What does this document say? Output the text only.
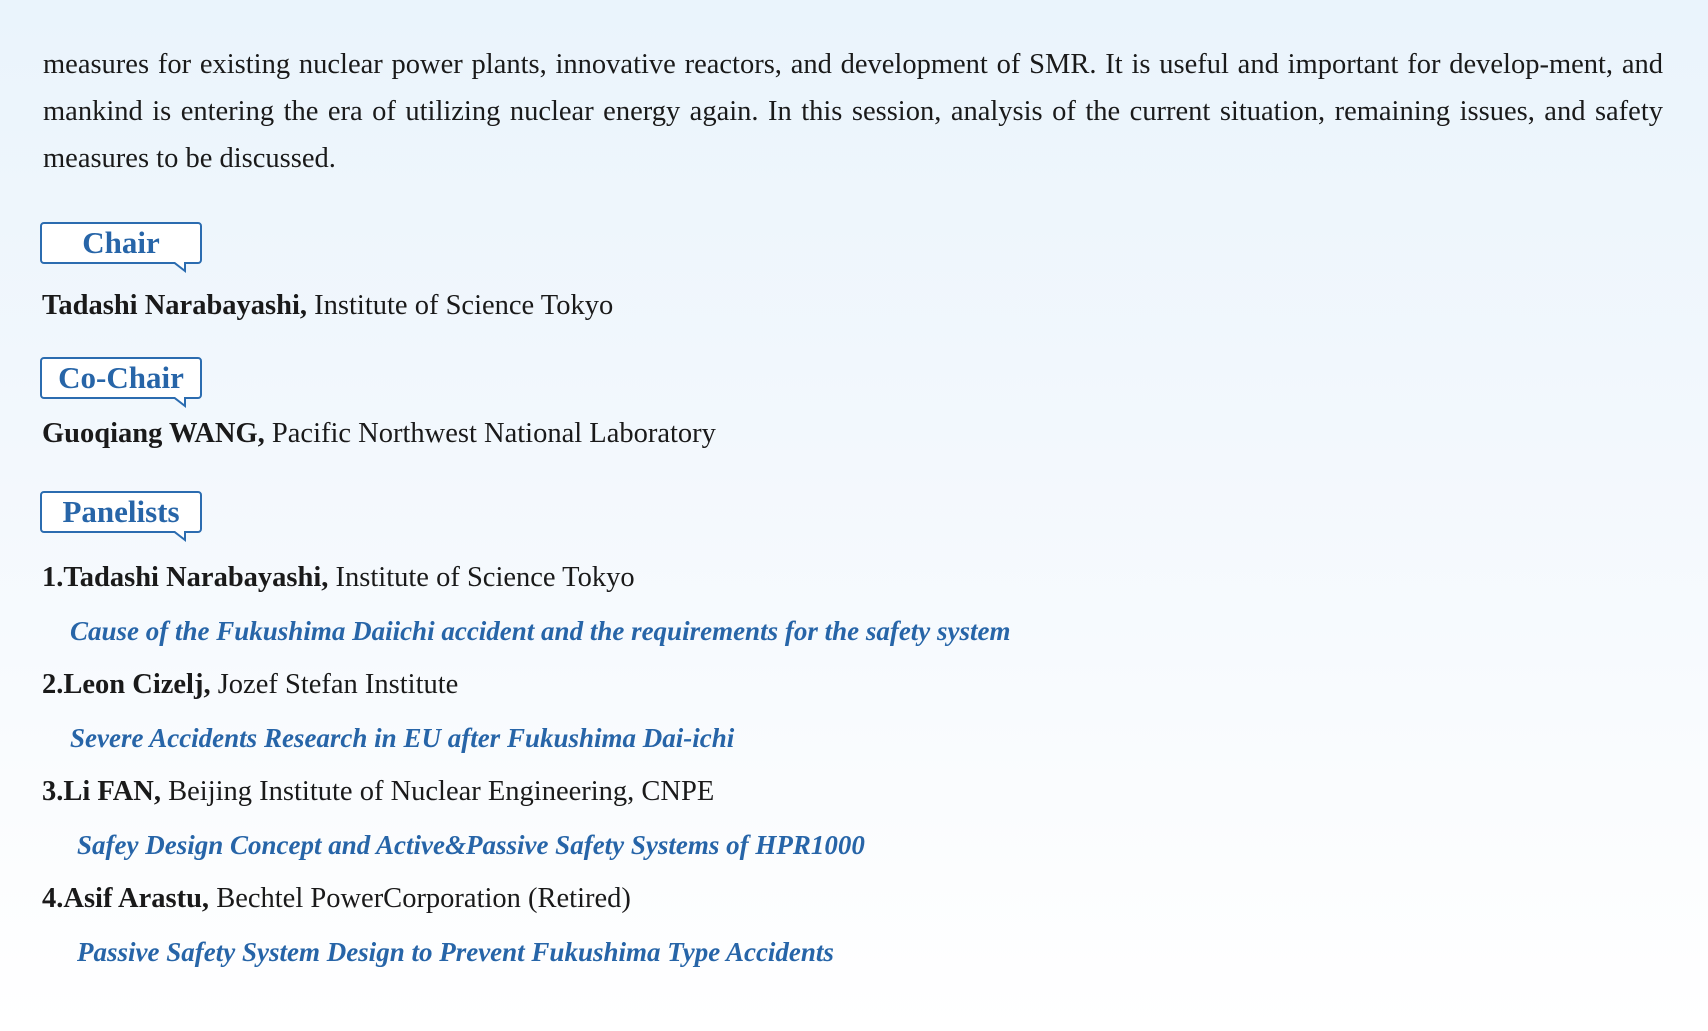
measures for existing nuclear power plants, innovative reactors, and development of SMR. It is useful and important for develop-ment, and mankind is entering the era of utilizing nuclear energy again. In this session, analysis of the current situation, remaining issues, and safety measures to be discussed.
Chair
Tadashi Narabayashi, Institute of Science Tokyo
Co-Chair
Guoqiang WANG, Pacific Northwest National Laboratory
Panelists
1.Tadashi Narabayashi, Institute of Science Tokyo
Cause of the Fukushima Daiichi accident and the requirements for the safety system
2.Leon Cizelj, Jozef Stefan Institute
Severe Accidents Research in EU after Fukushima Dai-ichi
3.Li FAN, Beijing Institute of Nuclear Engineering, CNPE
Safey Design Concept and Active&Passive Safety Systems of HPR1000
4.Asif Arastu, Bechtel PowerCorporation (Retired)
Passive Safety System Design to Prevent Fukushima Type Accidents
